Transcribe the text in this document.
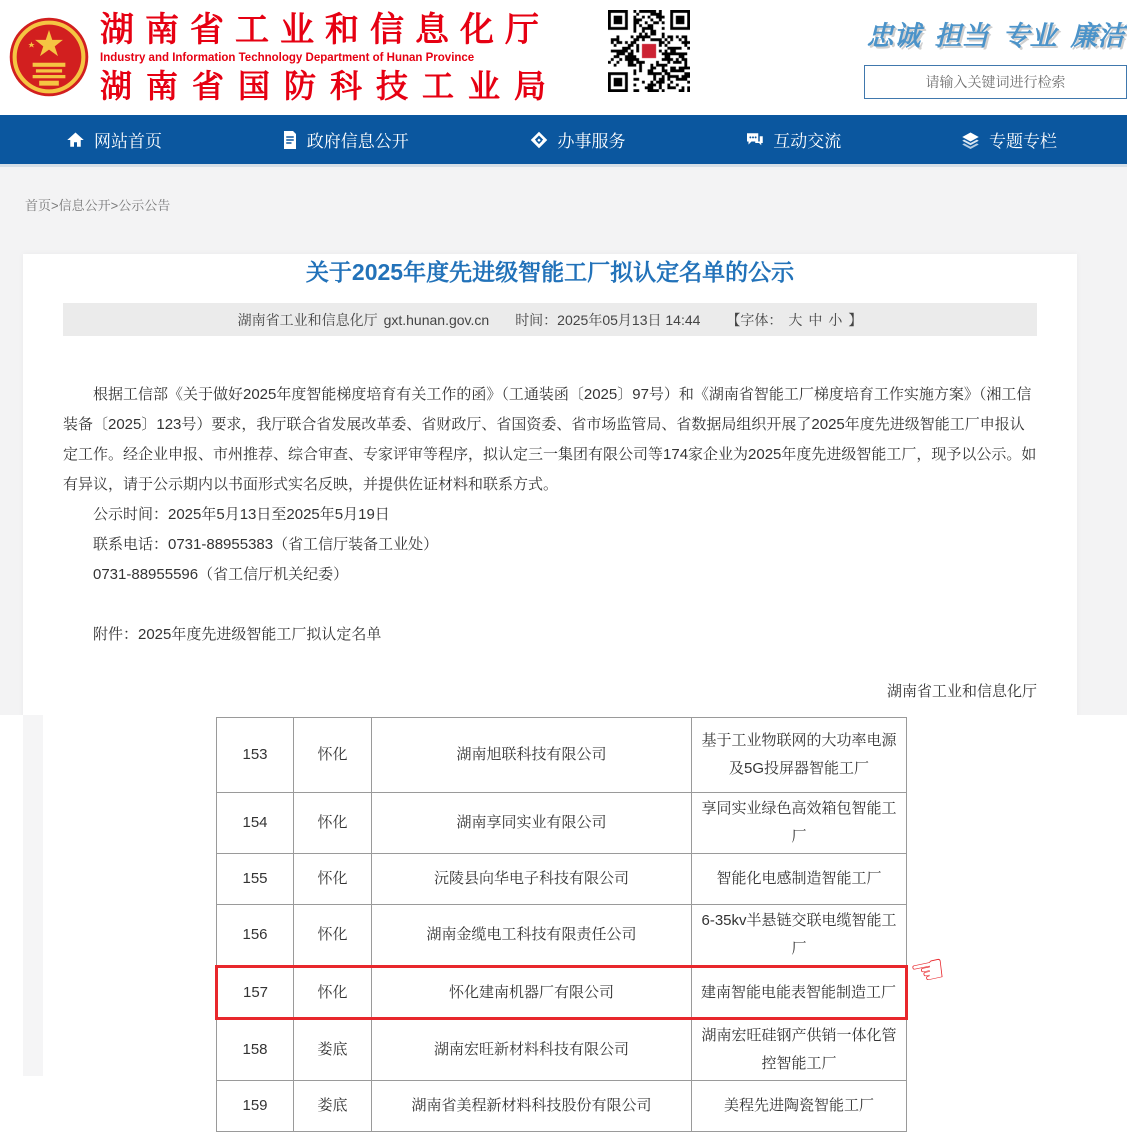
湖南省工业和信息化厅
Industry and Information Technology Department of Hunan Province
湖南省国防科技工业局
忠诚 担当 专业 廉洁
请输入关键词进行检索
网站首页	政府信息公开	办事服务	互动交流	专题专栏
首页>信息公开>公示公告
关于2025年度先进级智能工厂拟认定名单的公示
湖南省工业和信息化厅 gxt.hunan.gov.cn 时间：2025年05月13日 14:44 【字体： 大 中 小 】

根据工信部《关于做好2025年度智能梯度培育有关工作的函》（工通装函〔2025〕97号）和《湖南省智能工厂梯度培育工作实施方案》（湘工信装备〔2025〕123号）要求，我厅联合省发展改革委、省财政厅、省国资委、省市场监管局、省数据局组织开展了2025年度先进级智能工厂申报认定工作。经企业申报、市州推荐、综合审查、专家评审等程序，拟认定三一集团有限公司等174家企业为2025年度先进级智能工厂，现予以公示。如有异议，请于公示期内以书面形式实名反映，并提供佐证材料和联系方式。

公示时间：2025年5月13日至2025年5月19日

联系电话：0731-88955383（省工信厅装备工业处）

0731-88955596（省工信厅机关纪委）

附件：2025年度先进级智能工厂拟认定名单

湖南省工业和信息化厅
153	怀化	湖南旭联科技有限公司	基于工业物联网的大功率电源及5G投屏器智能工厂
154	怀化	湖南享同实业有限公司	享同实业绿色高效箱包智能工厂
155	怀化	沅陵县向华电子科技有限公司	智能化电感制造智能工厂
156	怀化	湖南金缆电工科技有限责任公司	6-35kv半悬链交联电缆智能工厂
157	怀化	怀化建南机器厂有限公司	建南智能电能表智能制造工厂
158	娄底	湖南宏旺新材料科技有限公司	湖南宏旺硅钢产供销一体化管控智能工厂
159	娄底	湖南省美程新材料科技股份有限公司	美程先进陶瓷智能工厂
☜
